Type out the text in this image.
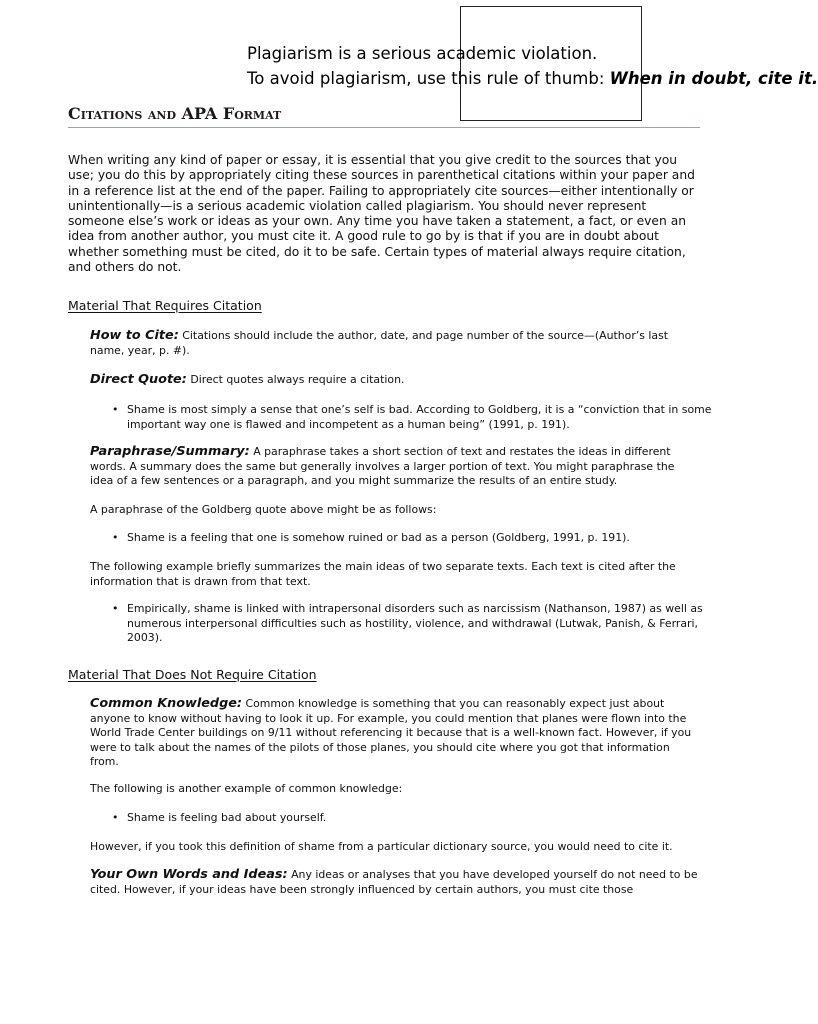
Plagiarism is a serious academic violation.
To avoid plagiarism, use this rule of thumb: When in doubt, cite it.
Citations and APA Format

When writing any kind of paper or essay, it is essential that you give credit to the sources that you use; you do this by appropriately citing these sources in parenthetical citations within your paper and in a reference list at the end of the paper. Failing to appropriately cite sources—either intentionally or unintentionally—is a serious academic violation called plagiarism. You should never represent someone else’s work or ideas as your own. Any time you have taken a statement, a fact, or even an idea from another author, you must cite it. A good rule to go by is that if you are in doubt about whether something must be cited, do it to be safe. Certain types of material always require citation, and others do not.

Material That Requires Citation

How to Cite: Citations should include the author, date, and page number of the source—(Author’s last name, year, p. #).

Direct Quote: Direct quotes always require a citation.

• Shame is most simply a sense that one’s self is bad. According to Goldberg, it is a “conviction that in some important way one is flawed and incompetent as a human being” (1991, p. 191).

Paraphrase/Summary: A paraphrase takes a short section of text and restates the ideas in different words. A summary does the same but generally involves a larger portion of text. You might paraphrase the idea of a few sentences or a paragraph, and you might summarize the results of an entire study.

A paraphrase of the Goldberg quote above might be as follows:

• Shame is a feeling that one is somehow ruined or bad as a person (Goldberg, 1991, p. 191).

The following example briefly summarizes the main ideas of two separate texts. Each text is cited after the information that is drawn from that text.

• Empirically, shame is linked with intrapersonal disorders such as narcissism (Nathanson, 1987) as well as numerous interpersonal difficulties such as hostility, violence, and withdrawal (Lutwak, Panish, & Ferrari, 2003).

Material That Does Not Require Citation

Common Knowledge: Common knowledge is something that you can reasonably expect just about anyone to know without having to look it up. For example, you could mention that planes were flown into the World Trade Center buildings on 9/11 without referencing it because that is a well-known fact. However, if you were to talk about the names of the pilots of those planes, you should cite where you got that information from.

The following is another example of common knowledge:

• Shame is feeling bad about yourself.

However, if you took this definition of shame from a particular dictionary source, you would need to cite it.

Your Own Words and Ideas: Any ideas or analyses that you have developed yourself do not need to be cited. However, if your ideas have been strongly influenced by certain authors, you must cite those
